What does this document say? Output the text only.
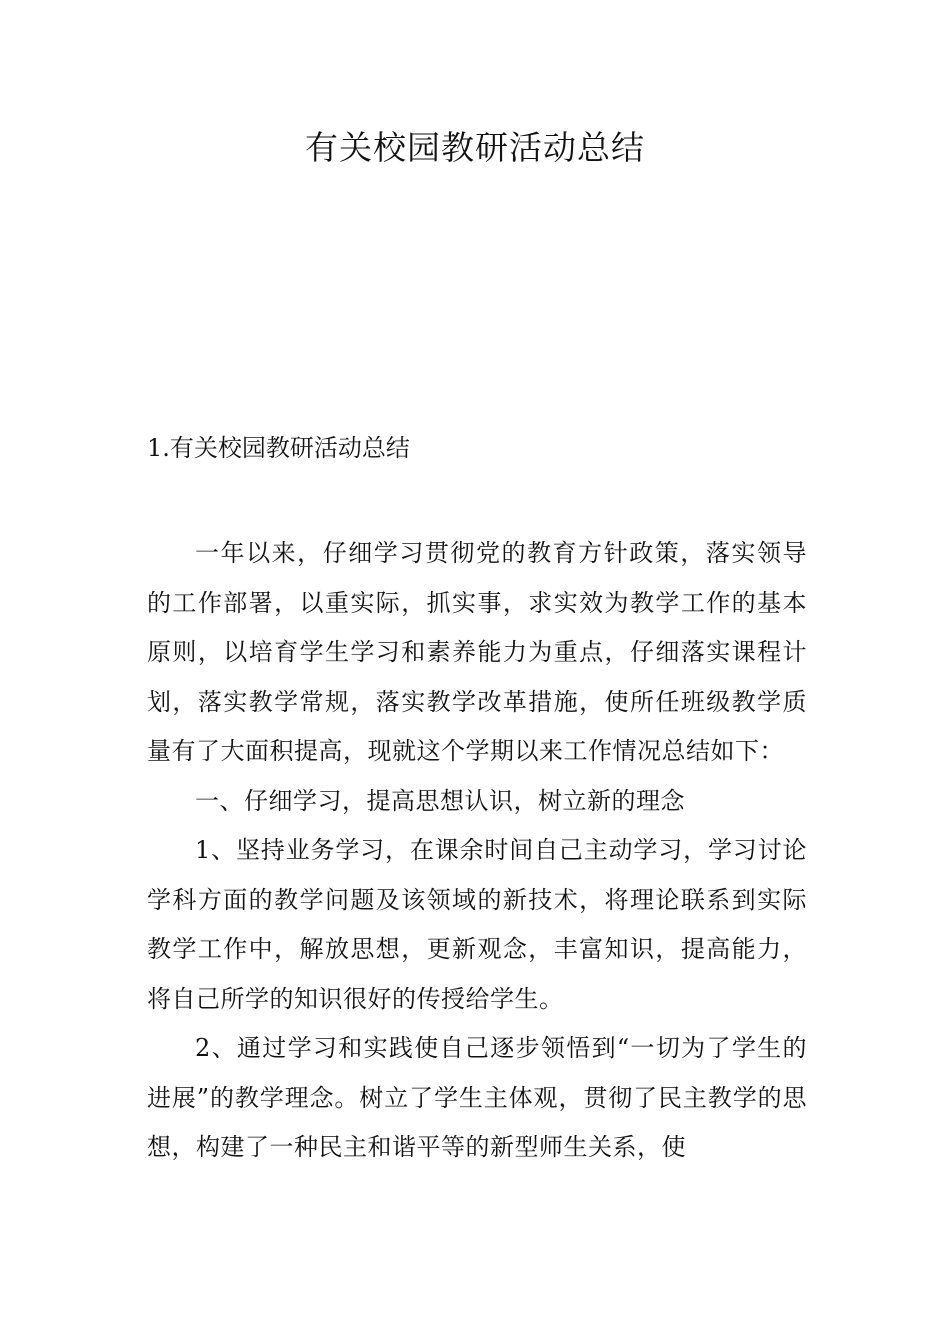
有关校园教研活动总结
1.有关校园教研活动总结

一年以来，仔细学习贯彻党的教育方针政策，落实领导的工作部署，以重实际，抓实事，求实效为教学工作的基本原则，以培育学生学习和素养能力为重点，仔细落实课程计划，落实教学常规，落实教学改革措施，使所任班级教学质量有了大面积提高，现就这个学期以来工作情况总结如下：

一、仔细学习，提高思想认识，树立新的理念

1、坚持业务学习，在课余时间自己主动学习，学习讨论学科方面的教学问题及该领域的新技术，将理论联系到实际教学工作中，解放思想，更新观念，丰富知识，提高能力，将自己所学的知识很好的传授给学生。

2、通过学习和实践使自己逐步领悟到“一切为了学生的进展”的教学理念。树立了学生主体观，贯彻了民主教学的思想，构建了一种民主和谐平等的新型师生关系，使
